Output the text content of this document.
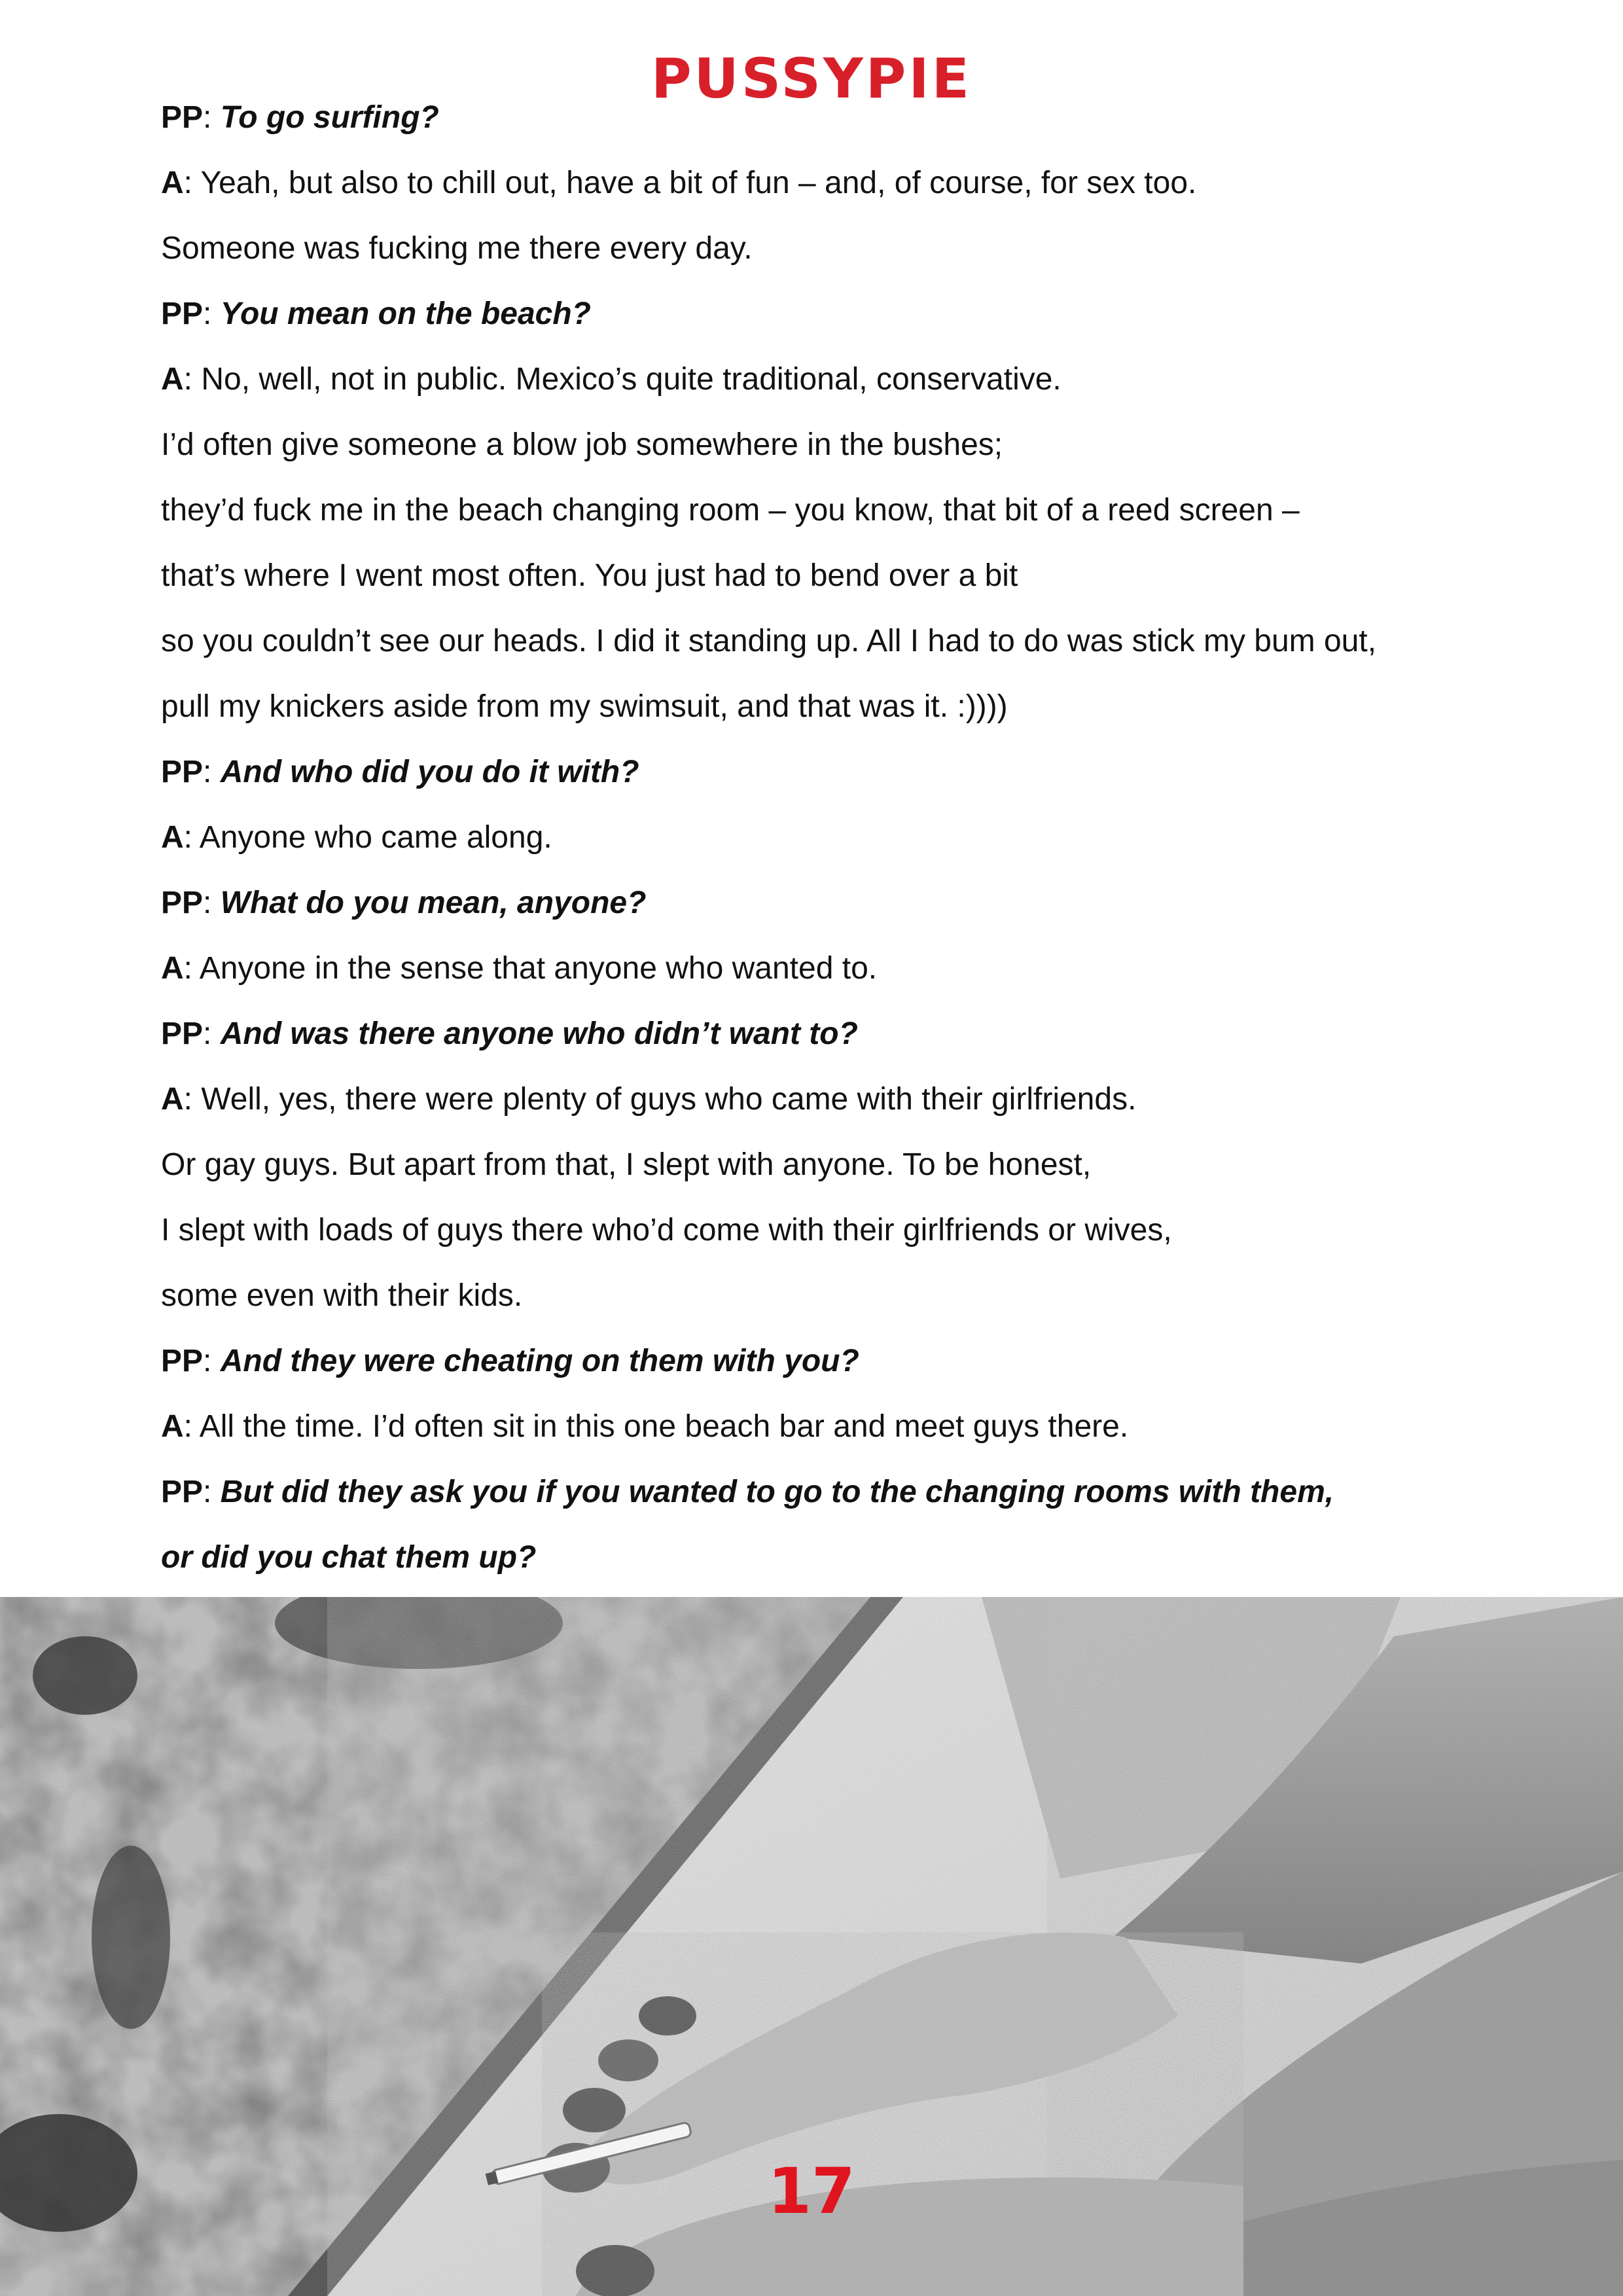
PUSSYPIE
PP: To go surfing?
A: Yeah, but also to chill out, have a bit of fun – and, of course, for sex too.
Someone was fucking me there every day.
PP: You mean on the beach?
A: No, well, not in public. Mexico’s quite traditional, conservative.
I’d often give someone a blow job somewhere in the bushes;
they’d fuck me in the beach changing room – you know, that bit of a reed screen –
that’s where I went most often. You just had to bend over a bit
so you couldn’t see our heads. I did it standing up. All I had to do was stick my bum out,
pull my knickers aside from my swimsuit, and that was it. :))))
PP: And who did you do it with?
A: Anyone who came along.
PP: What do you mean, anyone?
A: Anyone in the sense that anyone who wanted to.
PP: And was there anyone who didn’t want to?
A: Well, yes, there were plenty of guys who came with their girlfriends.
Or gay guys. But apart from that, I slept with anyone. To be honest,
I slept with loads of guys there who’d come with their girlfriends or wives,
some even with their kids.
PP: And they were cheating on them with you?
A: All the time. I’d often sit in this one beach bar and meet guys there.
PP: But did they ask you if you wanted to go to the changing rooms with them,
or did you chat them up?
17
